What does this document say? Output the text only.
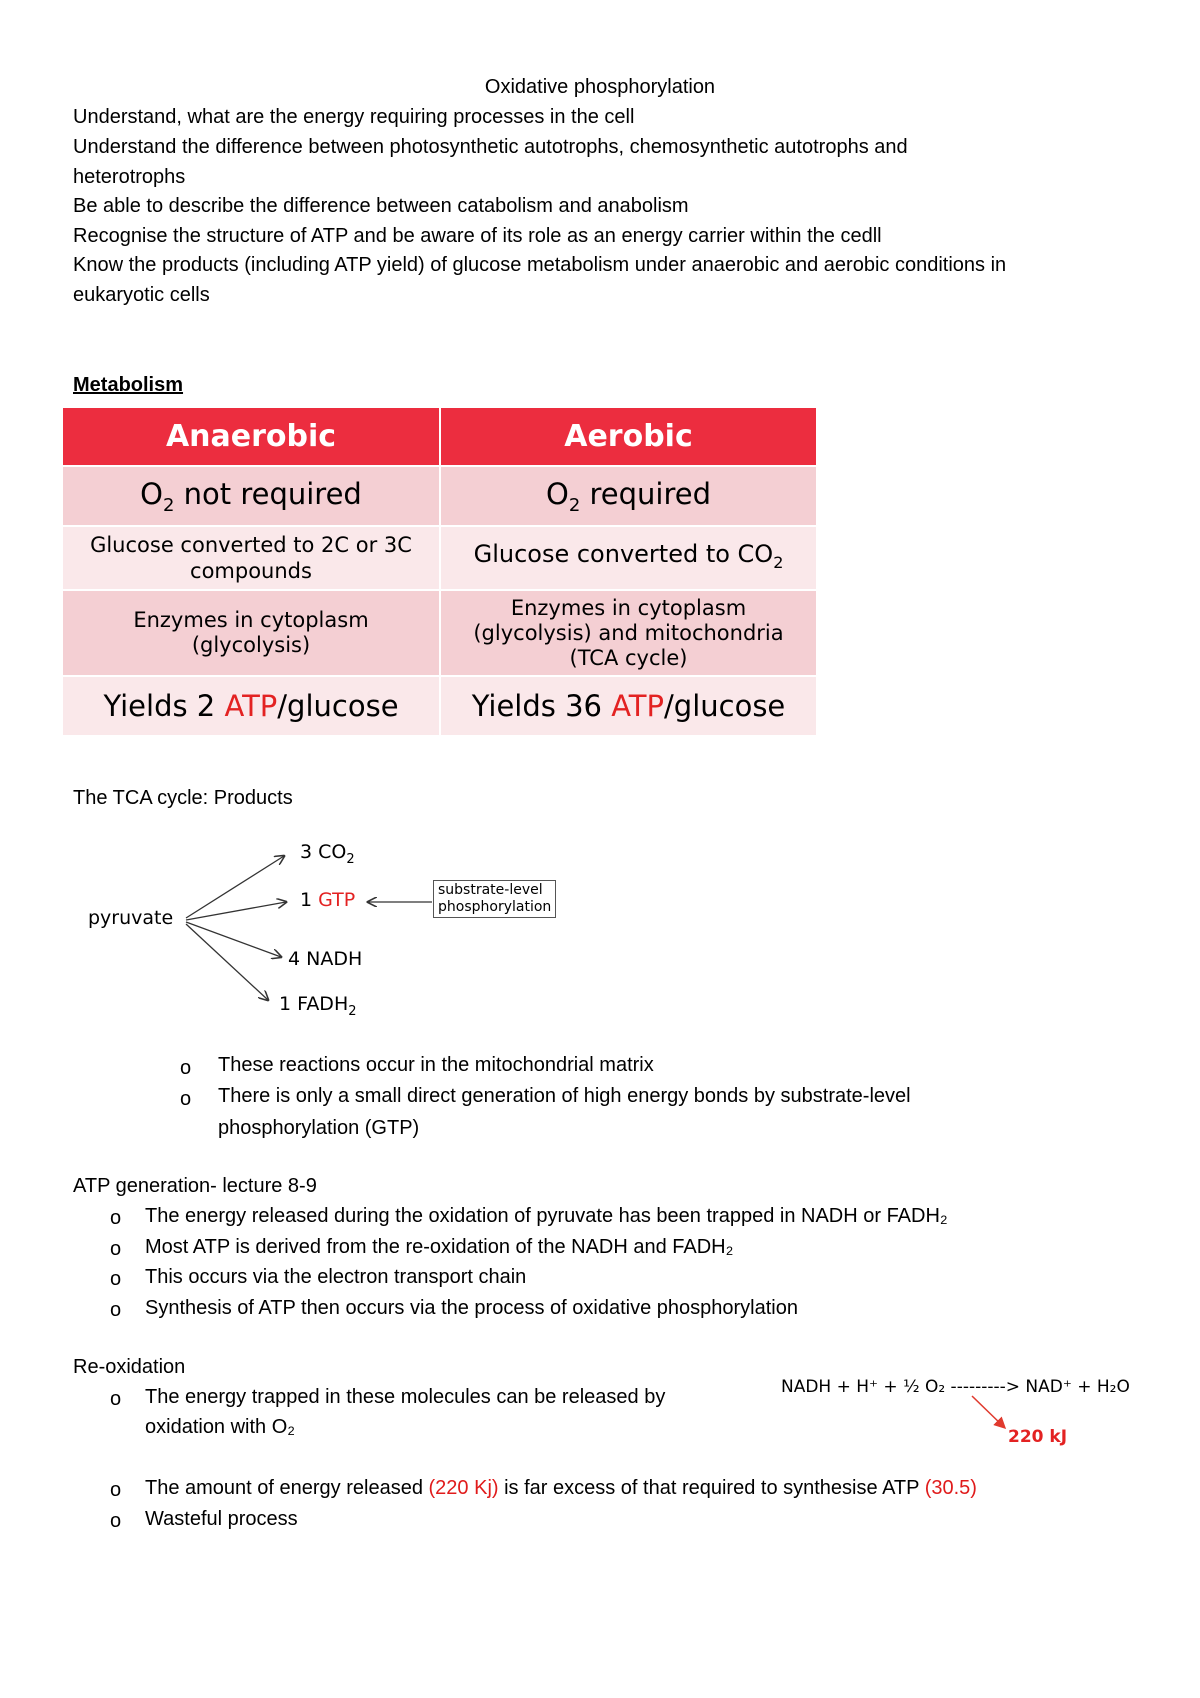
Oxidative phosphorylation
Understand, what are the energy requiring processes in the cell
Understand the difference between photosynthetic autotrophs, chemosynthetic autotrophs and
heterotrophs
Be able to describe the difference between catabolism and anabolism
Recognise the structure of ATP and be aware of its role as an energy carrier within the cedll
Know the products (including ATP yield) of glucose metabolism under anaerobic and aerobic conditions in
eukaryotic cells
Metabolism
Anaerobic	Aerobic
$O_2$ not required	$O_2$ required
Glucose converted to 2C or 3C
compounds	Glucose converted to $CO_2$
Enzymes in cytoplasm
(glycolysis)	Enzymes in cytoplasm
(glycolysis) and mitochondria
(TCA cycle)
Yields 2 ATP/glucose	Yields 36 ATP/glucose
The TCA cycle: Products
pyruvate
3 $CO_2$
1 GTP
4 NADH
1 $FADH_2$
substrate-level
phosphorylation
o These reactions occur in the mitochondrial matrix
o There is only a small direct generation of high energy bonds by substrate-level
phosphorylation (GTP)
ATP generation- lecture 8-9
o The energy released during the oxidation of pyruvate has been trapped in NADH or FADH₂
o Most ATP is derived from the re-oxidation of the NADH and FADH₂
o This occurs via the electron transport chain
o Synthesis of ATP then occurs via the process of oxidative phosphorylation
Re-oxidation
o The energy trapped in these molecules can be released by
oxidation with O₂
NADH + H⁺ + ½ O₂ ---------> NAD⁺ + H₂O
220 kJ
o The amount of energy released (220 Kj) is far excess of that required to synthesise ATP (30.5)
o Wasteful process
